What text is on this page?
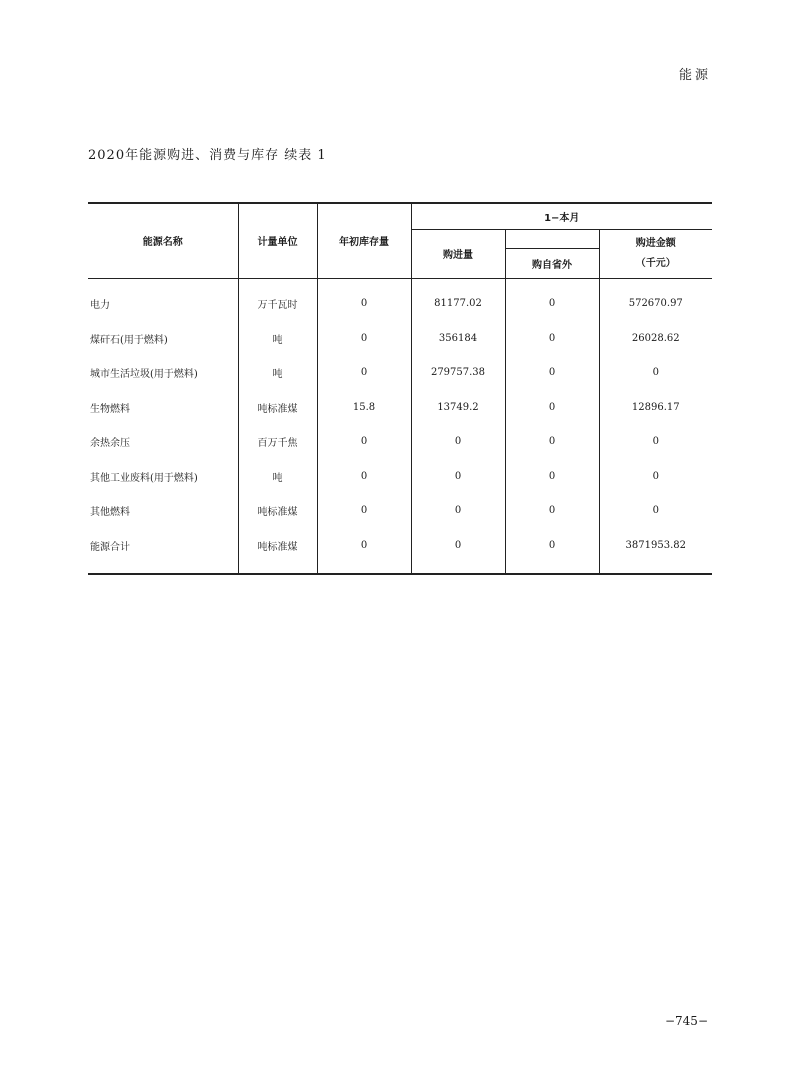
能源
2020年能源购进、消费与库存 续表 1
能源名称	计量单位	年初库存量	1−本月		
			购进量		购进金额
（千元）

				购自省外	
电力	万千瓦时	0	81177.02	0	572670.97
煤矸石(用于燃料)	吨	0	356184	0	26028.62
城市生活垃圾(用于燃料)	吨	0	279757.38	0	0
生物燃料	吨标准煤	15.8	13749.2	0	12896.17
余热余压	百万千焦	0	0	0	0
其他工业废料(用于燃料)	吨	0	0	0	0
其他燃料	吨标准煤	0	0	0	0
能源合计	吨标准煤	0	0	0	3871953.82
−745−
